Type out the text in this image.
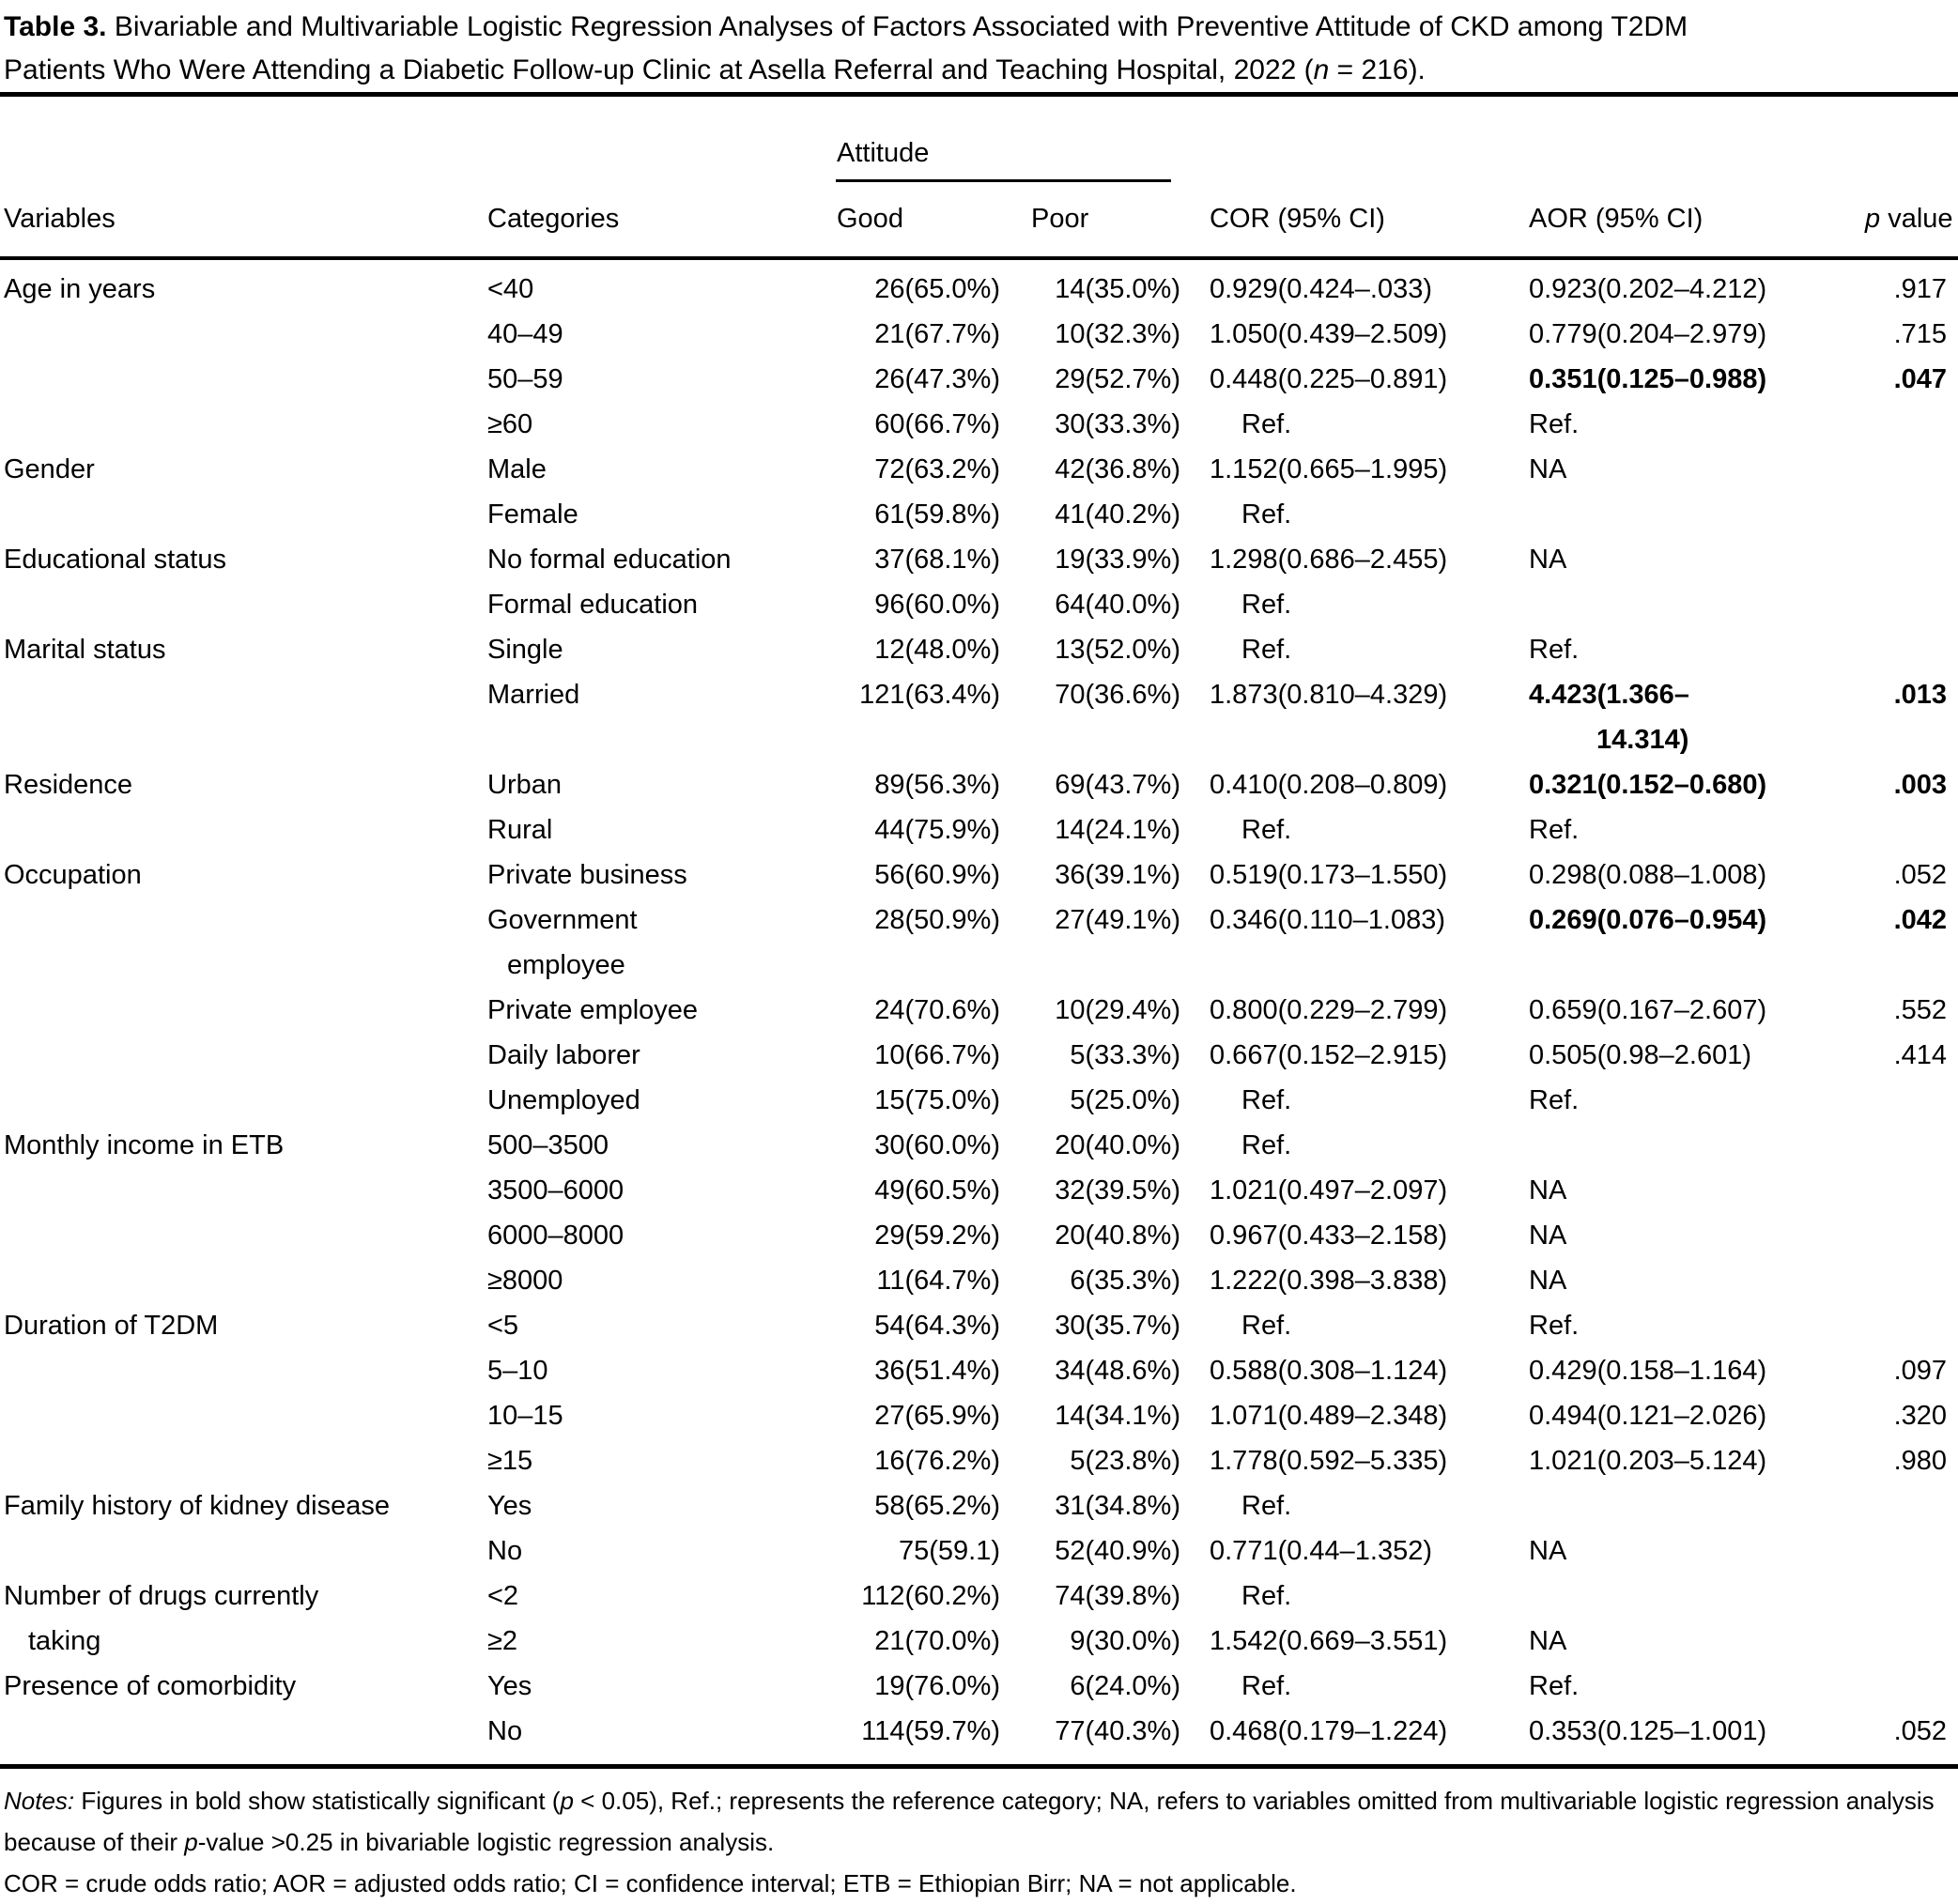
Table 3. Bivariable and Multivariable Logistic Regression Analyses of Factors Associated with Preventive Attitude of CKD among T2DM
Patients Who Were Attending a Diabetic Follow-up Clinic at Asella Referral and Teaching Hospital, 2022 (n = 216).
		Attitude			

Variables	Categories	Good	Poor	COR (95% CI)	AOR (95% CI)	p value
Age in years	<40	26(65.0%)	14(35.0%)	0.929(0.424–.033)	0.923(0.202–4.212)	.917
	40–49	21(67.7%)	10(32.3%)	1.050(0.439–2.509)	0.779(0.204–2.979)	.715
	50–59	26(47.3%)	29(52.7%)	0.448(0.225–0.891)	0.351(0.125–0.988)	.047
	≥60	60(66.7%)	30(33.3%)	Ref.	Ref.	
Gender	Male	72(63.2%)	42(36.8%)	1.152(0.665–1.995)	NA	
	Female	61(59.8%)	41(40.2%)	Ref.		
Educational status	No formal education	37(68.1%)	19(33.9%)	1.298(0.686–2.455)	NA	
	Formal education	96(60.0%)	64(40.0%)	Ref.		
Marital status	Single	12(48.0%)	13(52.0%)	Ref.	Ref.	
	Married	121(63.4%)	70(36.6%)	1.873(0.810–4.329)	4.423(1.366–	.013
					14.314)	
Residence	Urban	89(56.3%)	69(43.7%)	0.410(0.208–0.809)	0.321(0.152–0.680)	.003
	Rural	44(75.9%)	14(24.1%)	Ref.	Ref.	
Occupation	Private business	56(60.9%)	36(39.1%)	0.519(0.173–1.550)	0.298(0.088–1.008)	.052
	Government	28(50.9%)	27(49.1%)	0.346(0.110–1.083)	0.269(0.076–0.954)	.042
	employee					
	Private employee	24(70.6%)	10(29.4%)	0.800(0.229–2.799)	0.659(0.167–2.607)	.552
	Daily laborer	10(66.7%)	5(33.3%)	0.667(0.152–2.915)	0.505(0.98–2.601)	.414
	Unemployed	15(75.0%)	5(25.0%)	Ref.	Ref.	
Monthly income in ETB	500–3500	30(60.0%)	20(40.0%)	Ref.		
	3500–6000	49(60.5%)	32(39.5%)	1.021(0.497–2.097)	NA	
	6000–8000	29(59.2%)	20(40.8%)	0.967(0.433–2.158)	NA	
	≥8000	11(64.7%)	6(35.3%)	1.222(0.398–3.838)	NA	
Duration of T2DM	<5	54(64.3%)	30(35.7%)	Ref.	Ref.	
	5–10	36(51.4%)	34(48.6%)	0.588(0.308–1.124)	0.429(0.158–1.164)	.097
	10–15	27(65.9%)	14(34.1%)	1.071(0.489–2.348)	0.494(0.121–2.026)	.320
	≥15	16(76.2%)	5(23.8%)	1.778(0.592–5.335)	1.021(0.203–5.124)	.980
Family history of kidney disease	Yes	58(65.2%)	31(34.8%)	Ref.		
	No	75(59.1)	52(40.9%)	0.771(0.44–1.352)	NA	
Number of drugs currently	<2	112(60.2%)	74(39.8%)	Ref.		
taking	≥2	21(70.0%)	9(30.0%)	1.542(0.669–3.551)	NA	
Presence of comorbidity	Yes	19(76.0%)	6(24.0%)	Ref.	Ref.	
	No	114(59.7%)	77(40.3%)	0.468(0.179–1.224)	0.353(0.125–1.001)	.052

Notes: Figures in bold show statistically significant (p < 0.05), Ref.; represents the reference category; NA, refers to variables omitted from multivariable logistic regression analysis because of their p-value >0.25 in bivariable logistic regression analysis.

COR = crude odds ratio; AOR = adjusted odds ratio; CI = confidence interval; ETB = Ethiopian Birr; NA = not applicable.
